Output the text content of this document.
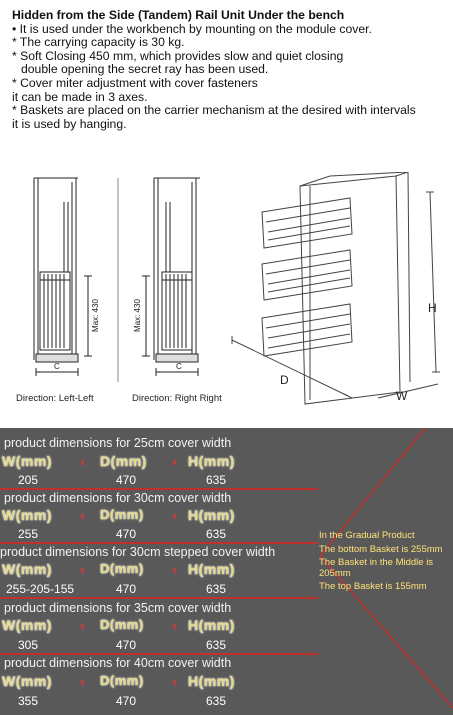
Hidden from the Side (Tandem) Rail Unit Under the bench

• It is used under the workbench by mounting on the module cover.

* The carrying capacity is 30 kg.

* Soft Closing 450 mm, which provides slow and quiet closing

double opening the secret ray has been used.

* Cover miter adjustment with cover fasteners

it can be made in 3 axes.

* Baskets are placed on the carrier mechanism at the desired with intervals

it is used by hanging.

Max: 430
C
Max: 430
C
H
D
W
Direction: Left-Left	Direction: Right Right
product dimensions for 25cm cover width
W(mm)	x D(mm)	x H(mm)
205	470	635
product dimensions for 30cm cover width
W(mm)	x D(mm)	x H(mm)
255	470	635
product dimensions for 30cm stepped cover width
W(mm)	x D(mm)	x H(mm)
255-205-155	470	635
product dimensions for 35cm cover width
W(mm)	x D(mm)	x H(mm)
305	470	635
product dimensions for 40cm cover width
W(mm)	x D(mm)	x H(mm)
355	470	635

In the Gradual Product

The bottom Basket is 255mm

The Basket in the Middle is 205mm

The top Basket is 155mm
